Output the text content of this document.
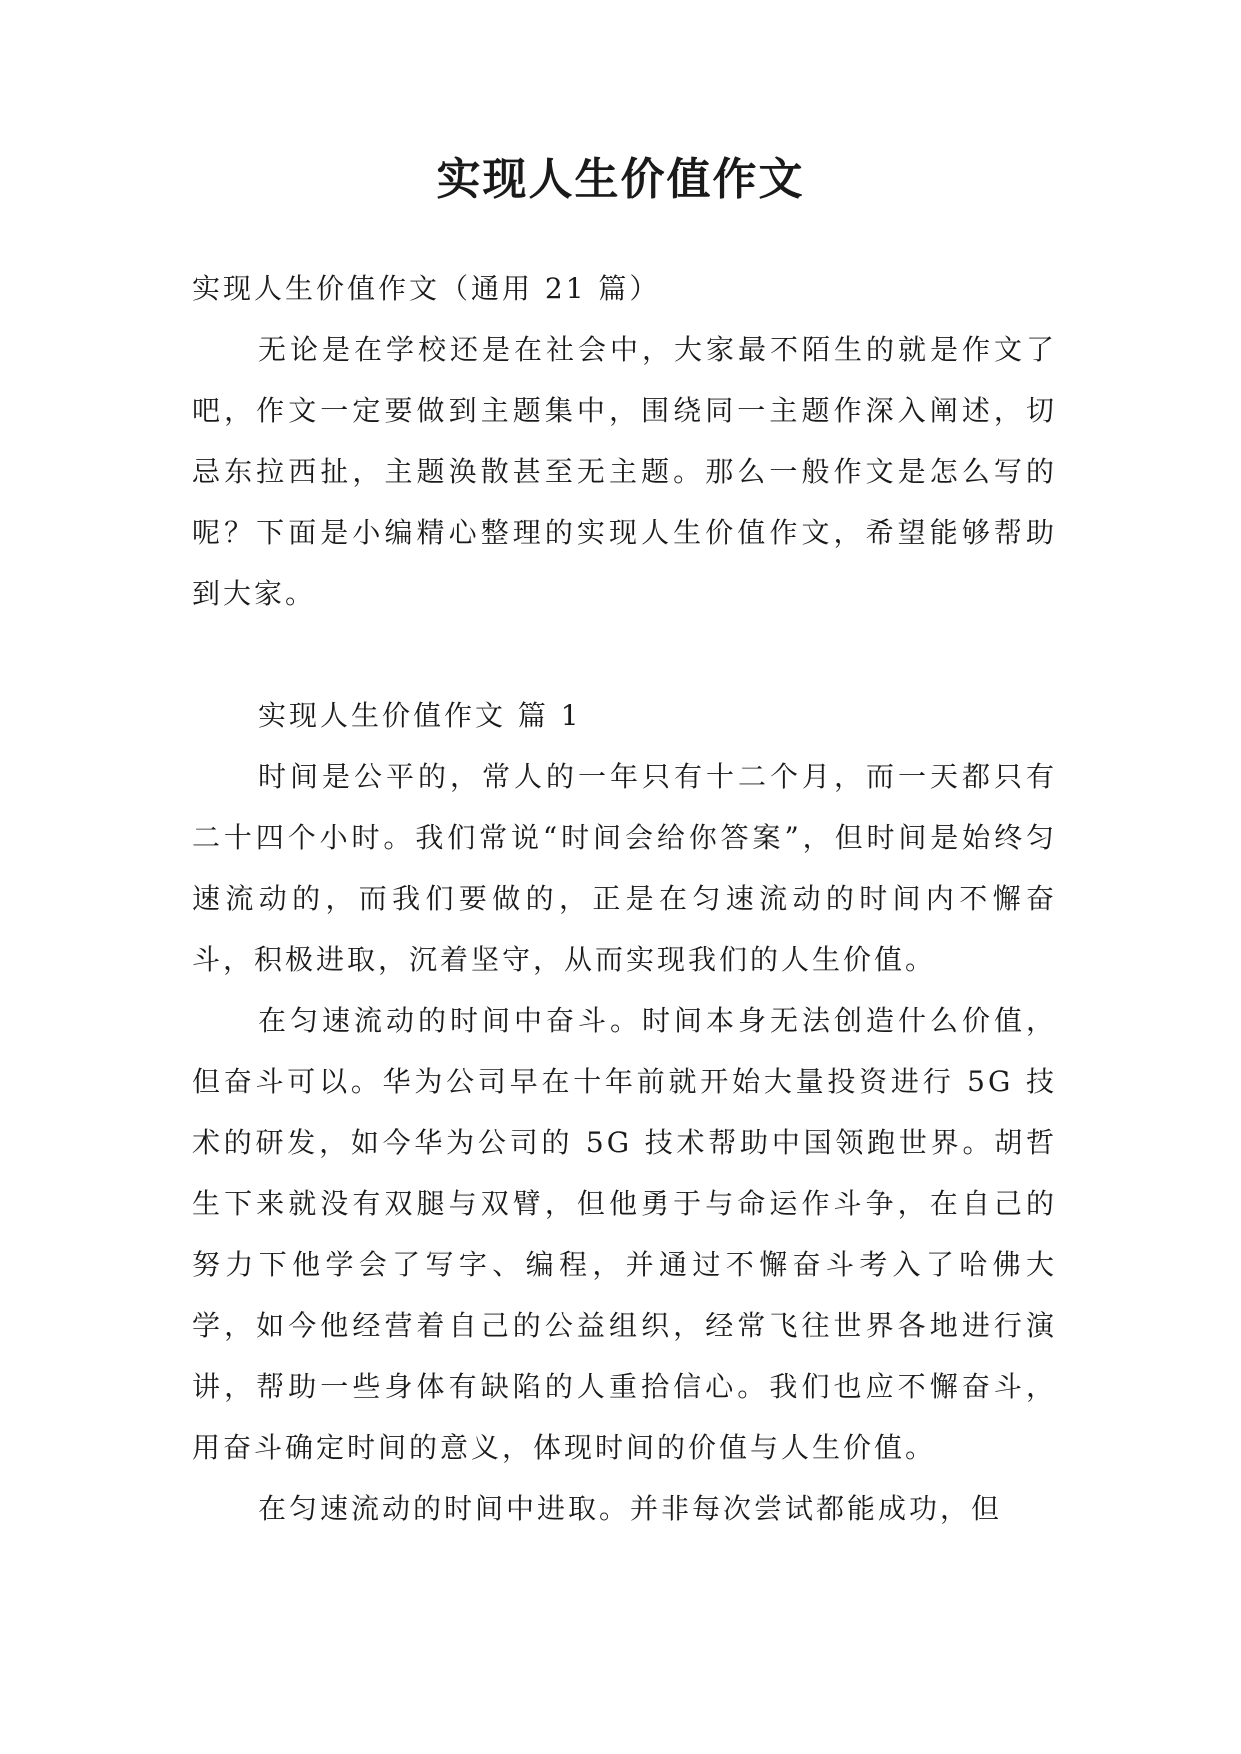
实现人生价值作文

实现人生价值作文（通用 21 篇）

无论是在学校还是在社会中，大家最不陌生的就是作文了吧，作文一定要做到主题集中，围绕同一主题作深入阐述，切忌东拉西扯，主题涣散甚至无主题。那么一般作文是怎么写的呢？下面是小编精心整理的实现人生价值作文，希望能够帮助到大家。

实现人生价值作文 篇 1

时间是公平的，常人的一年只有十二个月，而一天都只有二十四个小时。我们常说“时间会给你答案”，但时间是始终匀速流动的，而我们要做的，正是在匀速流动的时间内不懈奋斗，积极进取，沉着坚守，从而实现我们的人生价值。

在匀速流动的时间中奋斗。时间本身无法创造什么价值，但奋斗可以。华为公司早在十年前就开始大量投资进行 5G 技术的研发，如今华为公司的 5G 技术帮助中国领跑世界。胡哲生下来就没有双腿与双臂，但他勇于与命运作斗争，在自己的努力下他学会了写字、编程，并通过不懈奋斗考入了哈佛大学，如今他经营着自己的公益组织，经常飞往世界各地进行演讲，帮助一些身体有缺陷的人重拾信心。我们也应不懈奋斗，用奋斗确定时间的意义，体现时间的价值与人生价值。

在匀速流动的时间中进取。并非每次尝试都能成功，但
